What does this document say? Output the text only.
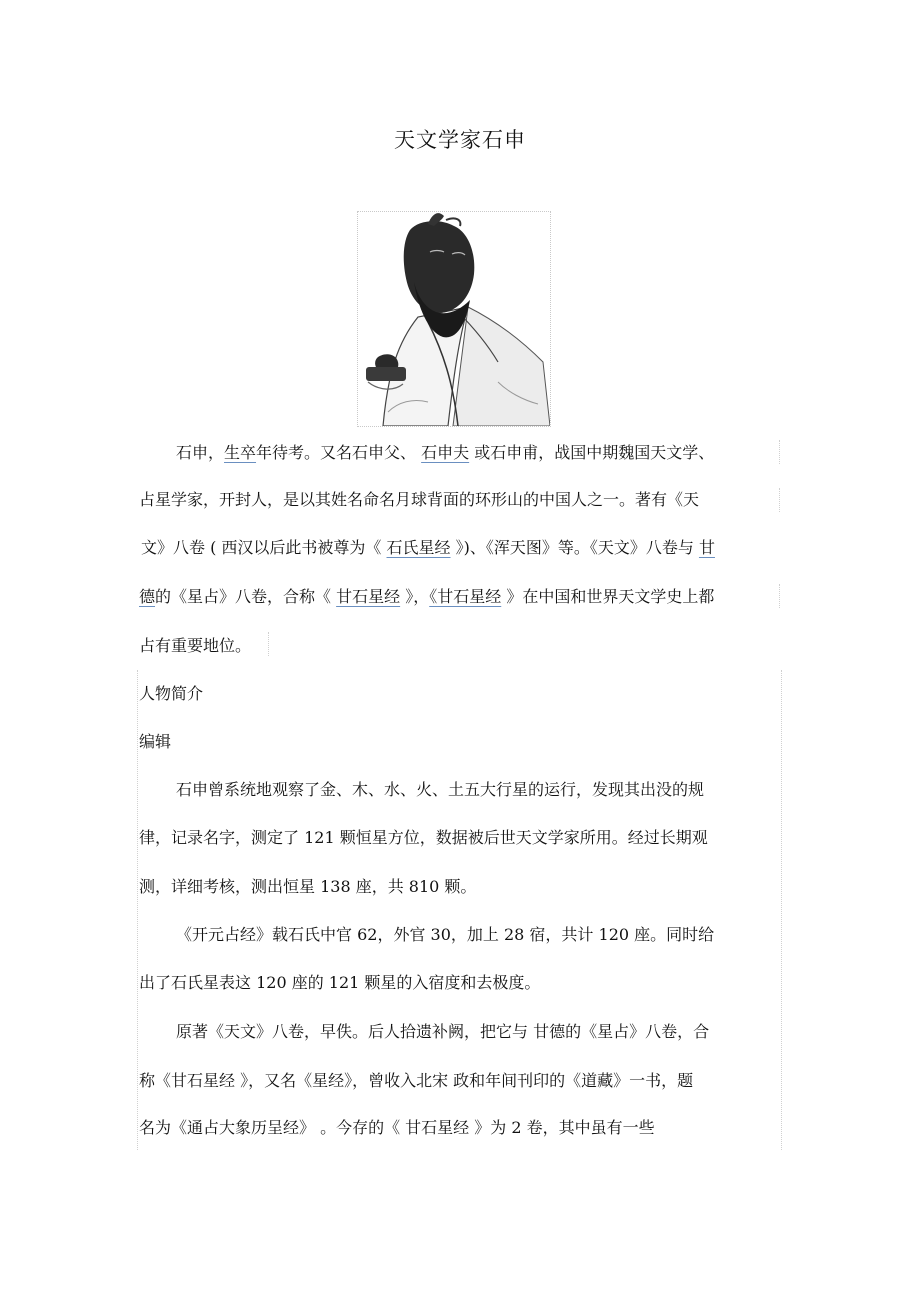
天文学家石申
石申，生卒年待考。又名石申父、 石申夫 或石申甫，战国中期魏国天文学、
占星学家，开封人，是以其姓名命名月球背面的环形山的中国人之一。著有《天
文》八卷 ( 西汉以后此书被尊为《 石氏星经 》)、《浑天图》等。《天文》八卷与 甘
德的《星占》八卷，合称《 甘石星经 》，《甘石星经 》在中国和世界天文学史上都
占有重要地位。
人物简介
编辑
石申曾系统地观察了金、木、水、火、土五大行星的运行，发现其出没的规
律，记录名字，测定了 121 颗恒星方位，数据被后世天文学家所用。经过长期观
测，详细考核，测出恒星 138 座，共 810 颗。
《开元占经》载石氏中官 62，外官 30，加上 28 宿，共计 120 座。同时给
出了石氏星表这 120 座的 121 颗星的入宿度和去极度。
原著《天文》八卷，早佚。后人拾遗补阙，把它与 甘德的《星占》八卷，合
称《甘石星经 》，又名《星经》，曾收入北宋 政和年间刊印的《道藏》一书，题
名为《通占大象历呈经》 。今存的《 甘石星经 》为 2 卷，其中虽有一些
